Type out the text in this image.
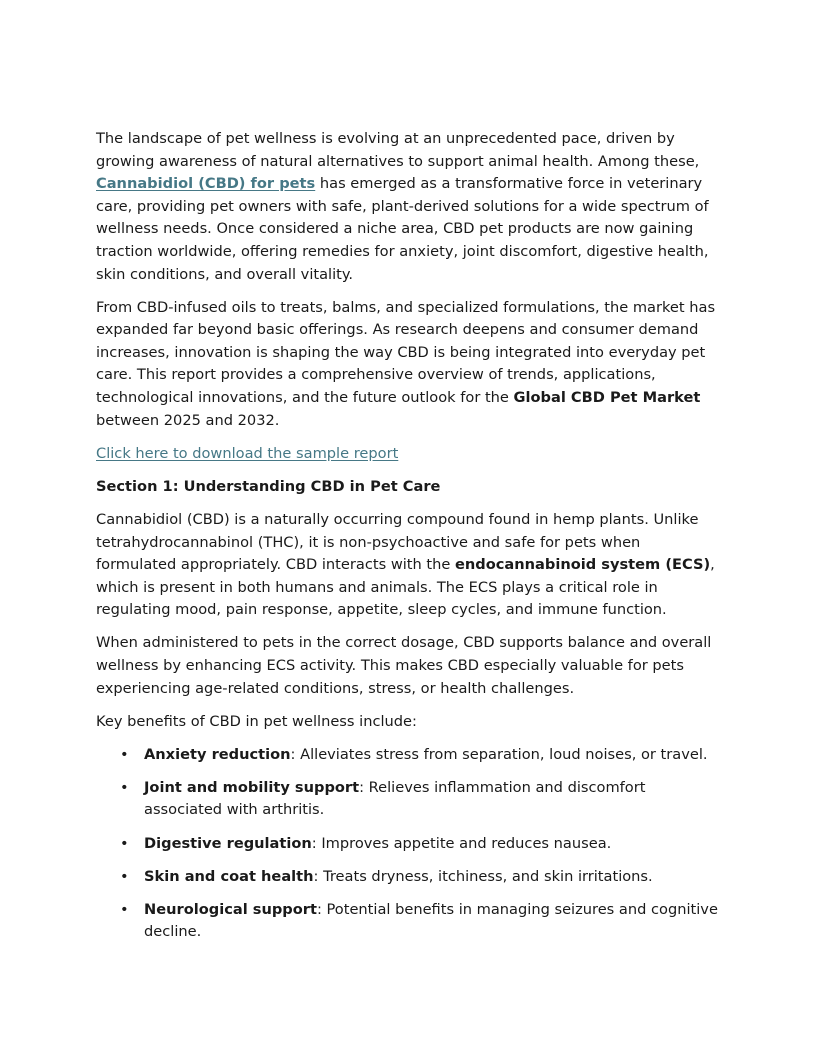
The landscape of pet wellness is evolving at an unprecedented pace, driven by growing awareness of natural alternatives to support animal health. Among these, Cannabidiol (CBD) for pets has emerged as a transformative force in veterinary care, providing pet owners with safe, plant-derived solutions for a wide spectrum of wellness needs. Once considered a niche area, CBD pet products are now gaining traction worldwide, offering remedies for anxiety, joint discomfort, digestive health, skin conditions, and overall vitality.

From CBD-infused oils to treats, balms, and specialized formulations, the market has expanded far beyond basic offerings. As research deepens and consumer demand increases, innovation is shaping the way CBD is being integrated into everyday pet care. This report provides a comprehensive overview of trends, applications, technological innovations, and the future outlook for the Global CBD Pet Market between 2025 and 2032.

Click here to download the sample report

Section 1: Understanding CBD in Pet Care

Cannabidiol (CBD) is a naturally occurring compound found in hemp plants. Unlike tetrahydrocannabinol (THC), it is non-psychoactive and safe for pets when formulated appropriately. CBD interacts with the endocannabinoid system (ECS), which is present in both humans and animals. The ECS plays a critical role in regulating mood, pain response, appetite, sleep cycles, and immune function.

When administered to pets in the correct dosage, CBD supports balance and overall wellness by enhancing ECS activity. This makes CBD especially valuable for pets experiencing age-related conditions, stress, or health challenges.

Key benefits of CBD in pet wellness include:

• Anxiety reduction: Alleviates stress from separation, loud noises, or travel.
• Joint and mobility support: Relieves inflammation and discomfort associated with arthritis.
• Digestive regulation: Improves appetite and reduces nausea.
• Skin and coat health: Treats dryness, itchiness, and skin irritations.
• Neurological support: Potential benefits in managing seizures and cognitive decline.
